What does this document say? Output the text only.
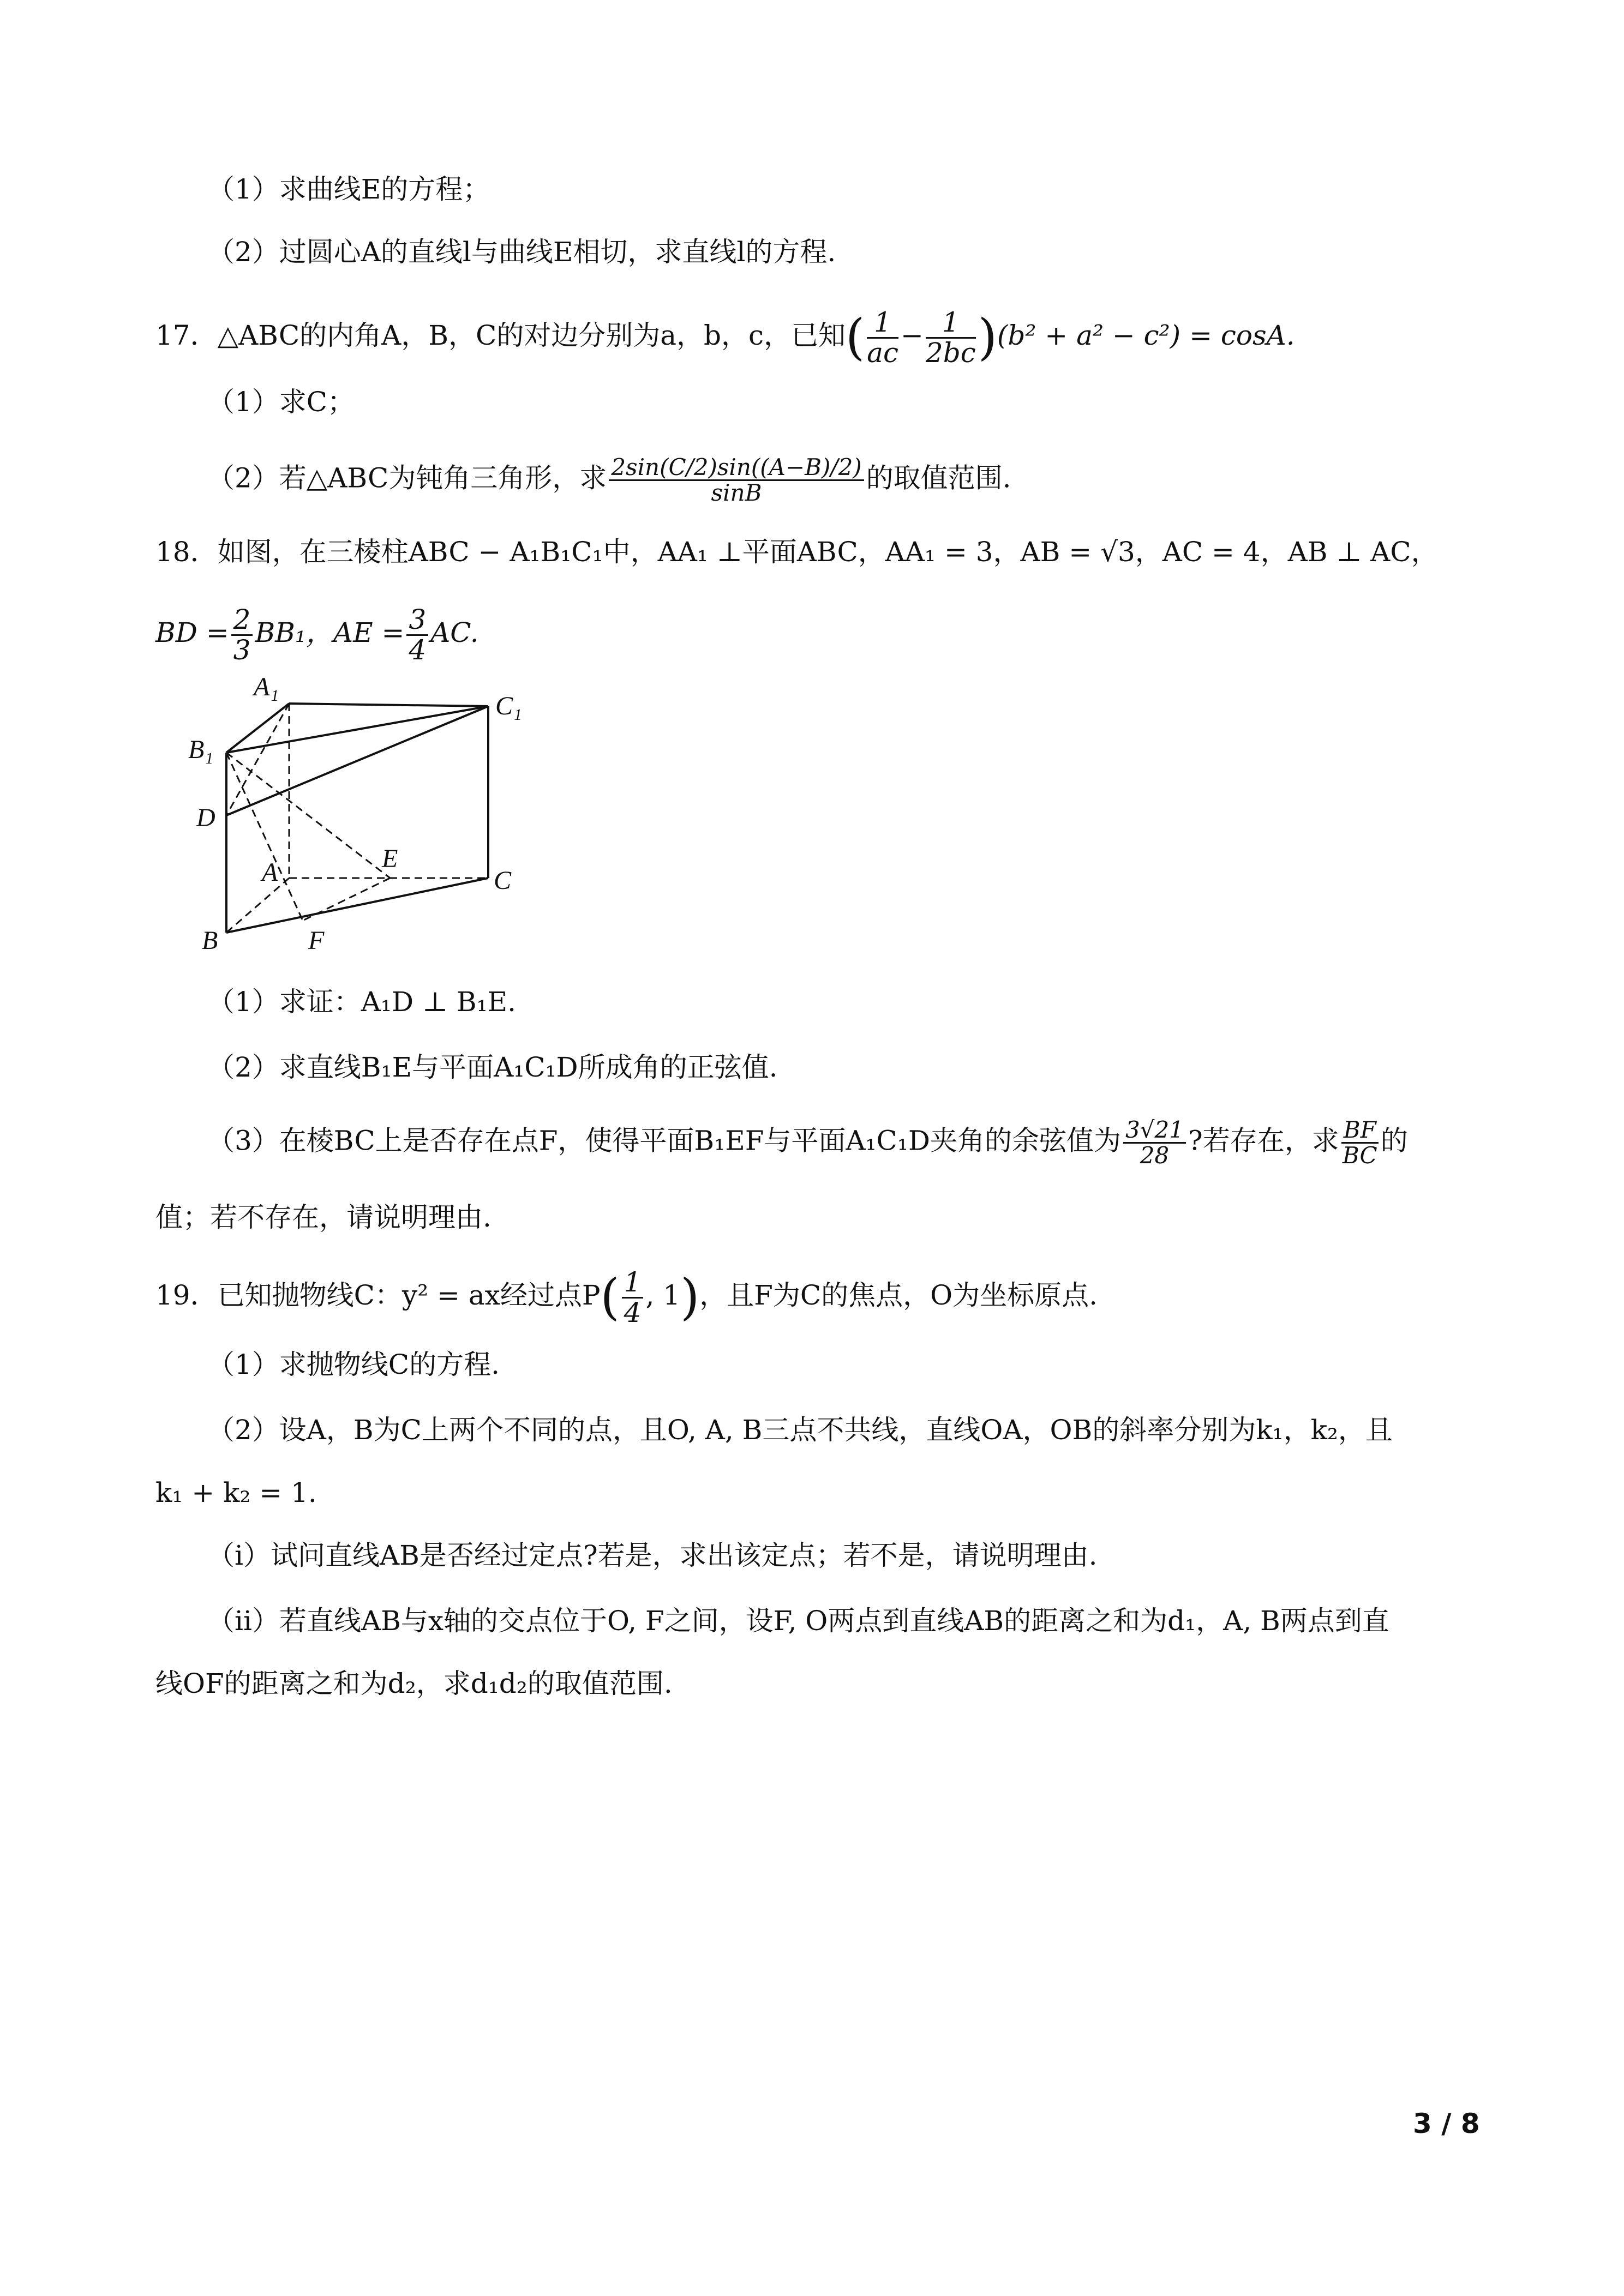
（1）求曲线E的方程；
（2）过圆心A的直线l与曲线E相切，求直线l的方程.
17．△ABC的内角A，B，C的对边分别为a，b，c，已知( $\frac{1}{ac} - \frac{1}{2bc} )(b^2 + a^2 - c^2) = \cos A$.
（1）求C；
（2）若△ABC为钝角三角形，求 $\frac{2\sin(C/2)\sin((A-B)/2)}{\sin B}$ 的取值范围.
18．如图，在三棱柱ABC − A₁B₁C₁中，AA₁ ⊥平面ABC，AA₁ = 3，AB = √3，AC = 4，AB ⊥ AC，
BD = $\frac{2}{3} BB_1$，AE = $\frac{3}{4}$ AC.
A₁
C₁
B₁
D
E
A	C
B	F
（1）求证：A₁D ⊥ B₁E.
（2）求直线B₁E与平面A₁C₁D所成角的正弦值.
（3）在棱BC上是否存在点F，使得平面B₁EF与平面A₁C₁D夹角的余弦值为 $\frac{3√21}{28}$ ?若存在，求 $\frac{BF}{BC}$ 的
值；若不存在，请说明理由.
19．已知抛物线C：y² = ax经过点$P( \frac{1}{4}$ , 1)，且F为C的焦点，O为坐标原点.
（1）求抛物线C的方程.
（2）设A，B为C上两个不同的点，且O, A, B三点不共线，直线OA，OB的斜率分别为k₁，k₂，且
k₁ + k₂ = 1.
（i）试问直线AB是否经过定点?若是，求出该定点；若不是，请说明理由.
（ii）若直线AB与x轴的交点位于O, F之间，设F, O两点到直线AB的距离之和为d₁，A, B两点到直
线OF的距离之和为d₂，求d₁d₂的取值范围.
3 / 8
